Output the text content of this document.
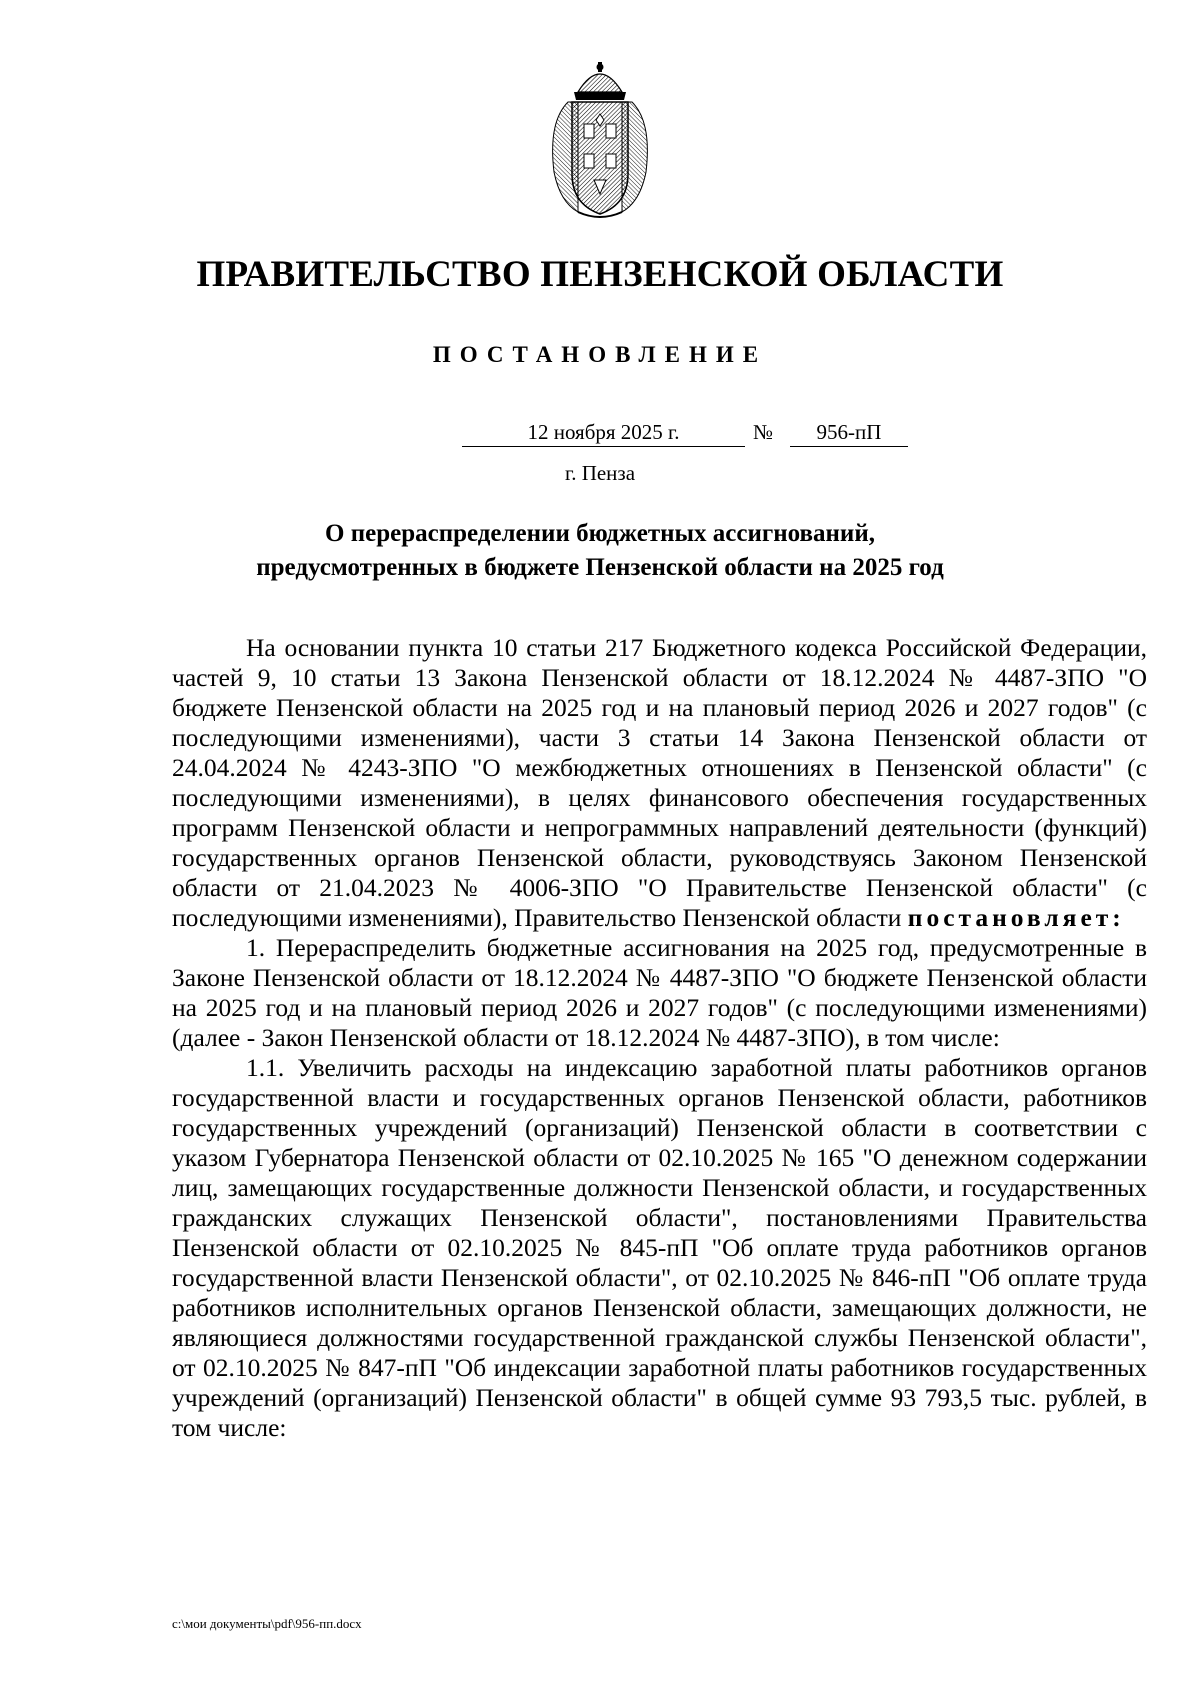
ПРАВИТЕЛЬСТВО ПЕНЗЕНСКОЙ ОБЛАСТИ
ПОСТАНОВЛЕНИЕ
12 ноября 2025 г.	№	956-пП
г. Пенза
О перераспределении бюджетных ассигнований,
предусмотренных в бюджете Пензенской области на 2025 год

На основании пункта 10 статьи 217 Бюджетного кодекса Российской Федерации, частей 9, 10 статьи 13 Закона Пензенской области от 18.12.2024 № 4487-ЗПО "О бюджете Пензенской области на 2025 год и на плановый период 2026 и 2027 годов" (с последующими изменениями), части 3 статьи 14 Закона Пензенской области от 24.04.2024 № 4243-ЗПО "О межбюджетных отношениях в Пензенской области" (с последующими изменениями), в целях финансового обеспечения государственных программ Пензенской области и непрограммных направлений деятельности (функций) государственных органов Пензенской области, руководствуясь Законом Пензенской области от 21.04.2023 № 4006-ЗПО "О Правительстве Пензенской области" (с последующими изменениями), Правительство Пензенской области постановляет:

1. Перераспределить бюджетные ассигнования на 2025 год, предусмотренные в Законе Пензенской области от 18.12.2024 № 4487-ЗПО "О бюджете Пензенской области на 2025 год и на плановый период 2026 и 2027 годов" (с последующими изменениями) (далее - Закон Пензенской области от 18.12.2024 № 4487-ЗПО), в том числе:

1.1. Увеличить расходы на индексацию заработной платы работников органов государственной власти и государственных органов Пензенской области, работников государственных учреждений (организаций) Пензенской области в соответствии с указом Губернатора Пензенской области от 02.10.2025 № 165 "О денежном содержании лиц, замещающих государственные должности Пензенской области, и государственных гражданских служащих Пензенской области", постановлениями Правительства Пензенской области от 02.10.2025 № 845-пП "Об оплате труда работников органов государственной власти Пензенской области", от 02.10.2025 № 846-пП "Об оплате труда работников исполнительных органов Пензенской области, замещающих должности, не являющиеся должностями государственной гражданской службы Пензенской области", от 02.10.2025 № 847-пП "Об индексации заработной платы работников государственных учреждений (организаций) Пензенской области" в общей сумме 93 793,5 тыс. рублей, в том числе:

c:\мои документы\pdf\956-пп.docx
